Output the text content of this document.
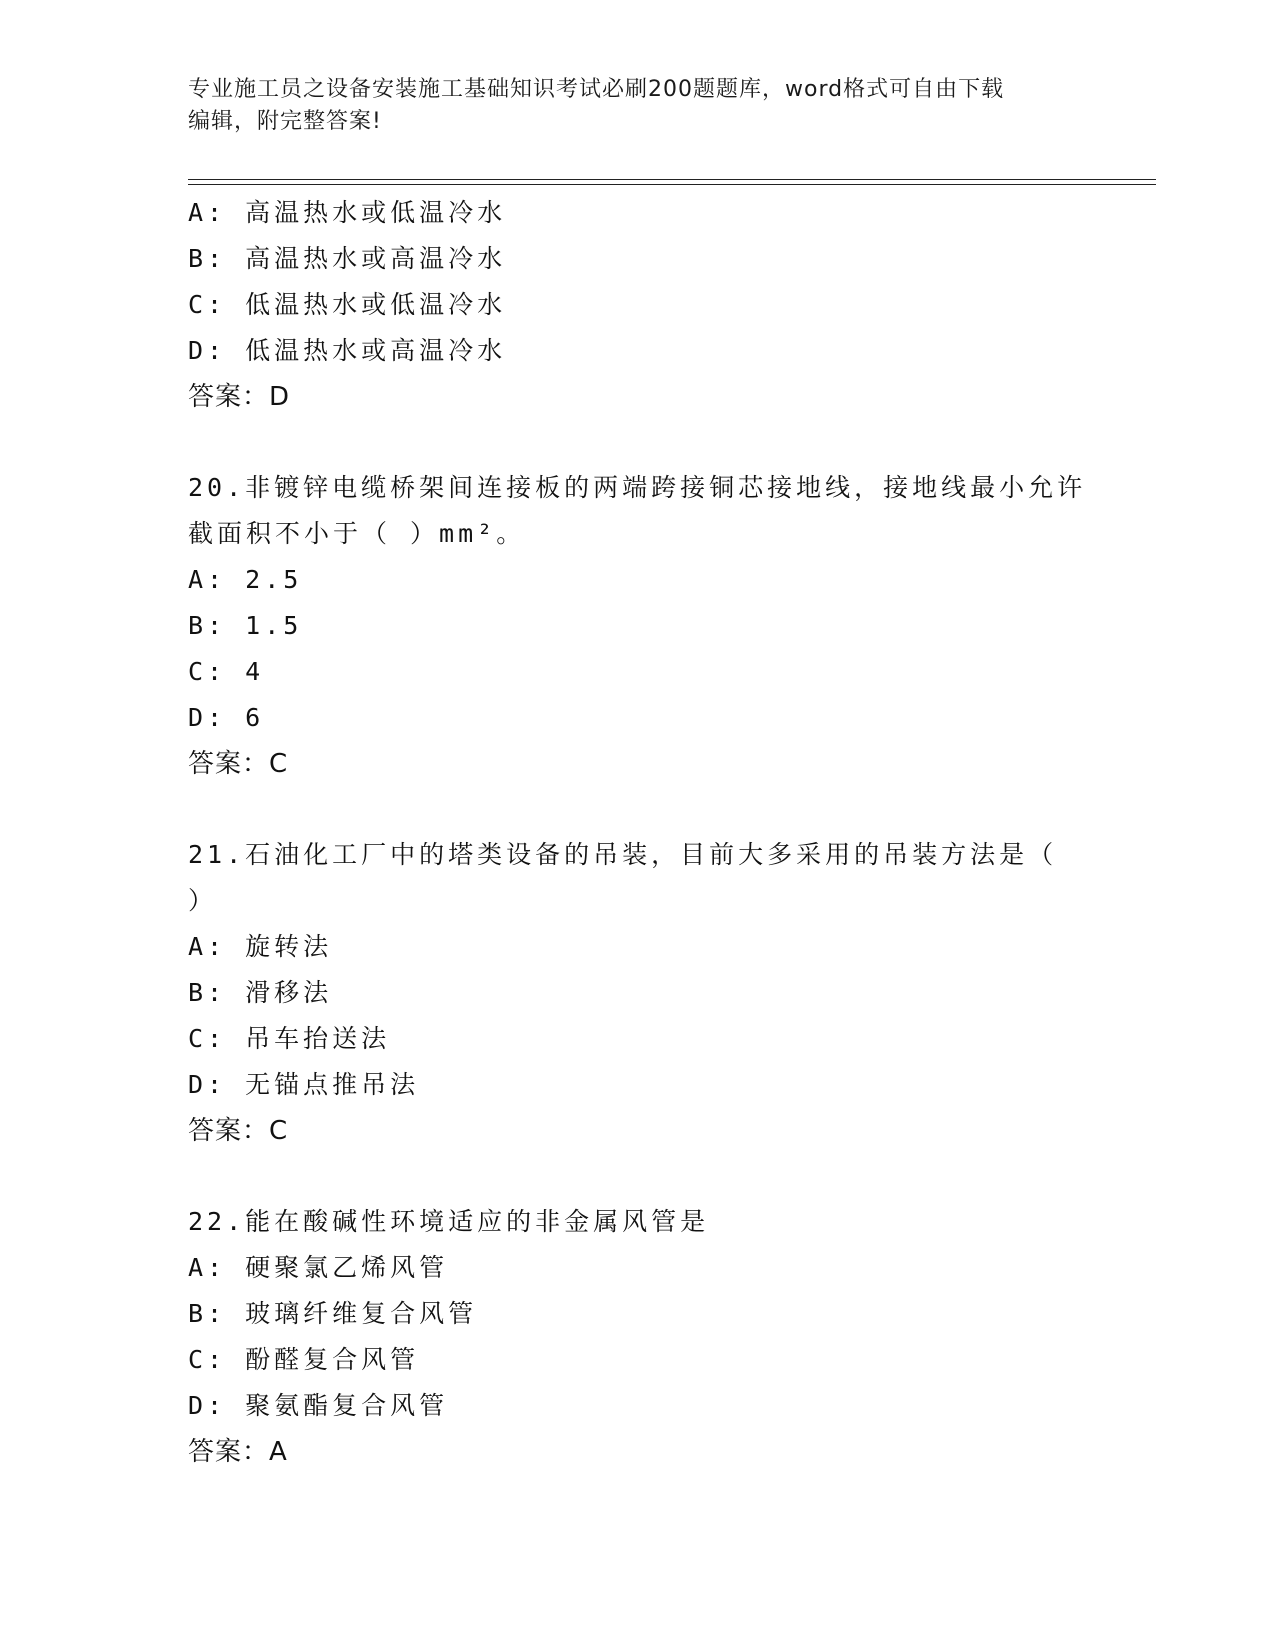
专业施工员之设备安装施工基础知识考试必刷200题题库，word格式可自由下载
编辑，附完整答案!
A: 高温热水或低温冷水
B: 高温热水或高温冷水
C: 低温热水或低温冷水
D: 低温热水或高温冷水
答案：D
20.非镀锌电缆桥架间连接板的两端跨接铜芯接地线，接地线最小允许
截面积不小于（ ）mm²。
A: 2.5
B: 1.5
C: 4
D: 6
答案：C
21.石油化工厂中的塔类设备的吊装，目前大多采用的吊装方法是（
）
A: 旋转法
B: 滑移法
C: 吊车抬送法
D: 无锚点推吊法
答案：C
22.能在酸碱性环境适应的非金属风管是
A: 硬聚氯乙烯风管
B: 玻璃纤维复合风管
C: 酚醛复合风管
D: 聚氨酯复合风管
答案：A
